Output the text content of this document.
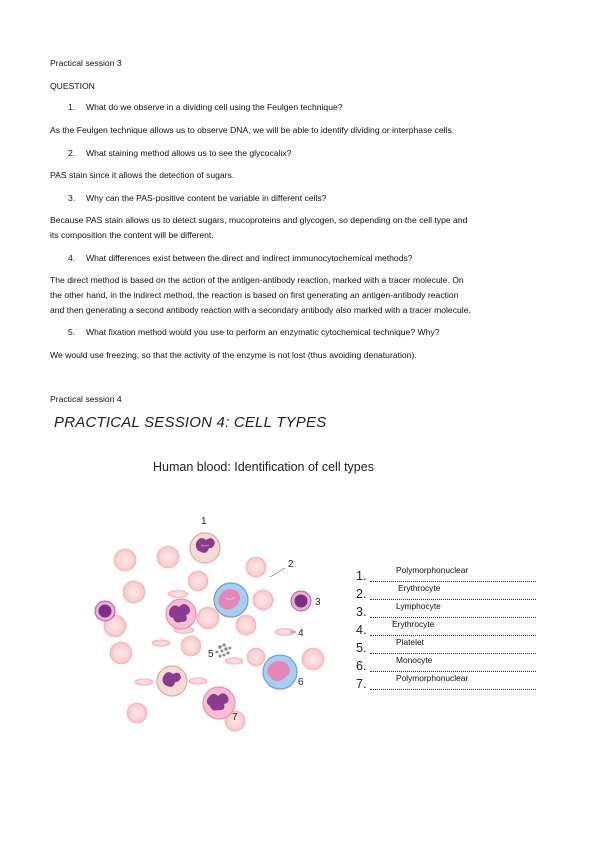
Practical session 3
QUESTION
1. What do we observe in a dividing cell using the Feulgen technique?
As the Feulgen technique allows us to observe DNA, we will be able to identify dividing or interphase cells.
2. What staining method allows us to see the glycocalix?
PAS stain since it allows the detection of sugars.
3. Why can the PAS-positive content be variable in different cells?
Because PAS stain allows us to detect sugars, mucoproteins and glycogen, so depending on the cell type and
its composition the content will be different.
4. What differences exist between the direct and indirect immunocytochemical methods?
The direct method is based on the action of the antigen-antibody reaction, marked with a tracer molecule. On
the other hand, in the indirect method, the reaction is based on first generating an antigen-antibody reaction
and then generating a second antibody reaction with a secondary antibody also marked with a tracer molecule.
5. What fixation method would you use to perform an enzymatic cytochemical technique? Why?
We would use freezing, so that the activity of the enzyme is not lost (thus avoiding denaturation).
Practical session 4
PRACTICAL SESSION 4: CELL TYPES
Human blood: Identification of cell types
1
2
3
4
5
6
7
1.	Polymorphonuclear
2.	Erythrocyte
3.	Lymphocyte
4.	Erythrocyte
5.	Platelet
6.	Monocyte
7.	Polymorphonuclear
